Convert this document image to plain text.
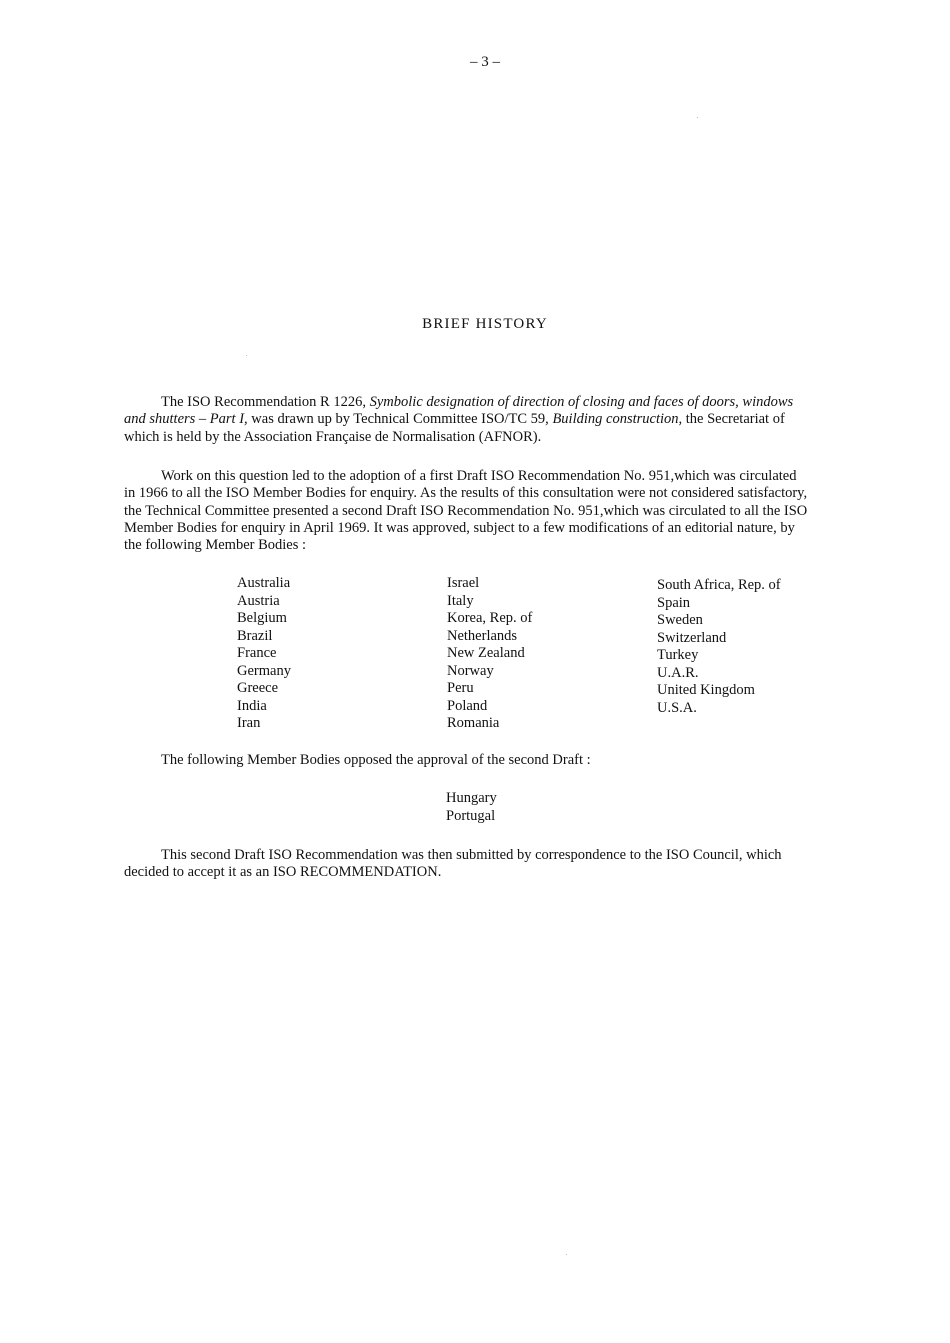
– 3 –
BRIEF HISTORY

The ISO Recommendation R 1226, Symbolic designation of direction of closing and faces of doors, windows
and shutters – Part I, was drawn up by Technical Committee ISO/TC 59, Building construction, the Secretariat of
which is held by the Association Française de Normalisation (AFNOR).

Work on this question led to the adoption of a first Draft ISO Recommendation No. 951,which was circulated
in 1966 to all the ISO Member Bodies for enquiry. As the results of this consultation were not considered satisfactory,
the Technical Committee presented a second Draft ISO Recommendation No. 951,which was circulated to all the ISO
Member Bodies for enquiry in April 1969. It was approved, subject to a few modifications of an editorial nature, by
the following Member Bodies :

Australia
Austria
Belgium
Brazil
France
Germany
Greece
India
Iran
Israel
Italy
Korea, Rep. of
Netherlands
New Zealand
Norway
Peru
Poland
Romania
South Africa, Rep. of
Spain
Sweden
Switzerland
Turkey
U.A.R.
United Kingdom
U.S.A.
The following Member Bodies opposed the approval of the second Draft :
Hungary
Portugal

This second Draft ISO Recommendation was then submitted by correspondence to the ISO Council, which
decided to accept it as an ISO RECOMMENDATION.
